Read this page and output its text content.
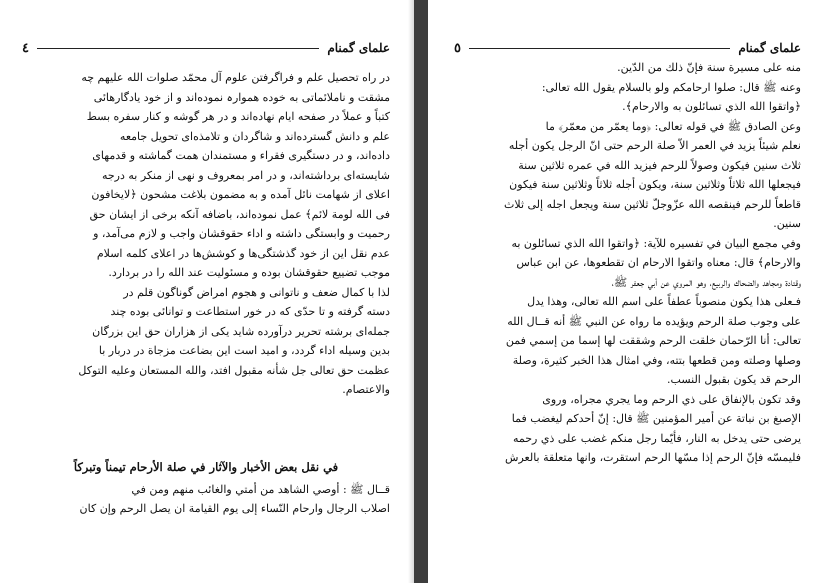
علمای گمنام
٤
در راه تحصیل علم و فراگرفتن علوم آل محمّد صلوات الله علیهم چه
مشقت و ناملائماتی به خوده هموارہ نموده‌اند و از خود یادگارهائی
کتباً و عملاً در صفحه ایام نهاده‌اند و در هر گوشه و کنار سفره بسط
علم و دانش گسترده‌اند و شاگردان و تلامذه‌ای تحویل جامعه
داده‌اند، و در دستگیری فقراء و مستمندان همت گماشته و قدمهای
شایسته‌ای برداشته‌اند، و در امر بمعروف و نهی از منکر به درجه
اعلای از شهامت نائل آمده و به مضمون بلاغت مشحون ﴿لایخافون
فی الله لومة لائم﴾ عمل نموده‌اند، باضافه آنکه برخی از ایشان حق
رحمیت و وابستگی داشته و اداء حقوقشان واجب و لازم می‌آمد، و
عدم نقل این از خود گذشتگی‌ها و کوشش‌ها در اعلای کلمه اسلام
موجب تضییع حقوقشان بوده و مسئولیت عند الله را در بردارد.
لذا با کمال ضعف و ناتوانی و هجوم امراض گوناگون قلم در
دسته گرفته و تا حدّی که در خور استطاعت و توانائی بوده چند
جمله‌ای برشته تحریر درآورده شاید یکی از هزاران حق این بزرگان
بدین وسیله اداء گردد، و امید است این بضاعت مزجاة در دربار با
عظمت حق تعالی جل شأنه مقبول افتد، والله المستعان وعلیه التوکل
والاعتصام.
في نقل بعض الأخبار والآثار في صلة الأرحام تيمناً وتبركاً
قــال ﷺ : أوصي الشاهد من أمتي والغائب منهم ومن في
اصلاب الرجال وارحام النّساء إلى يوم القيامة ان يصل الرحم وإن كان
علمای گمنام
٥
منه على مسيرة سنة فإنّ ذلك من الدّين.
وعنه ﷺ قال: صلوا ارحامكم ولو بالسلام يقول الله تعالى:
﴿واتقوا الله الذي تسائلون به والارحام﴾.
وعن الصادق ﷺ في قوله تعالى: ﴿وما يعمّر من معمّر﴾ ما
نعلم شيئاً يزيد في العمر الاّ صلة الرحم حتى انّ الرجل يكون أجله
ثلاث سنين فيكون وصولاً للرحم فيزيد الله في عمره ثلاثين سنة
فيجعلها الله ثلاثاً وثلاثين سنة، ويكون أجله ثلاثاً وثلاثين سنة فيكون
قاطعاً للرحم فينقصه الله عزّوجلّ ثلاثين سنة ويجعل اجله إلى ثلاث
سنين.
وفي مجمع البيان في تفسيره للآية: ﴿واتقوا الله الذي تسائلون به
والارحام﴾ قال: معناه واتقوا الارحام ان تقطعوها، عن ابن عباس
وقتادة ومجاهد والضحاك والربيع، وهو المروي عن أبي جعفر ﷺ،
فـعلى هذا يكون منصوباً عطفاً على اسم الله تعالى، وهذا يدل
على وجوب صلة الرحم ويؤيده ما رواه عن النبي ﷺ أنه قــال الله
تعالى: أنا الرّحمان خلقت الرحم وشققت لها إسما من إسمي فمن
وصلها وصلته ومن قطعها بتته، وفي امثال هذا الخبر كثيرة، وصلة
الرحم قد يكون بقبول النسب.
وقد تكون بالإنفاق على ذي الرحم وما يجري مجراه، وروى
الإصبغ بن نباتة عن أمير المؤمنين ﷺ قال: إنّ أحدكم ليغضب فما
يرضى حتى يدخل به النار، فأيّما رجل منكم غضب على ذي رحمه
فليمسّه فإنّ الرحم إذا مسّها الرحم استقرت، وانها متعلقة بالعرش
